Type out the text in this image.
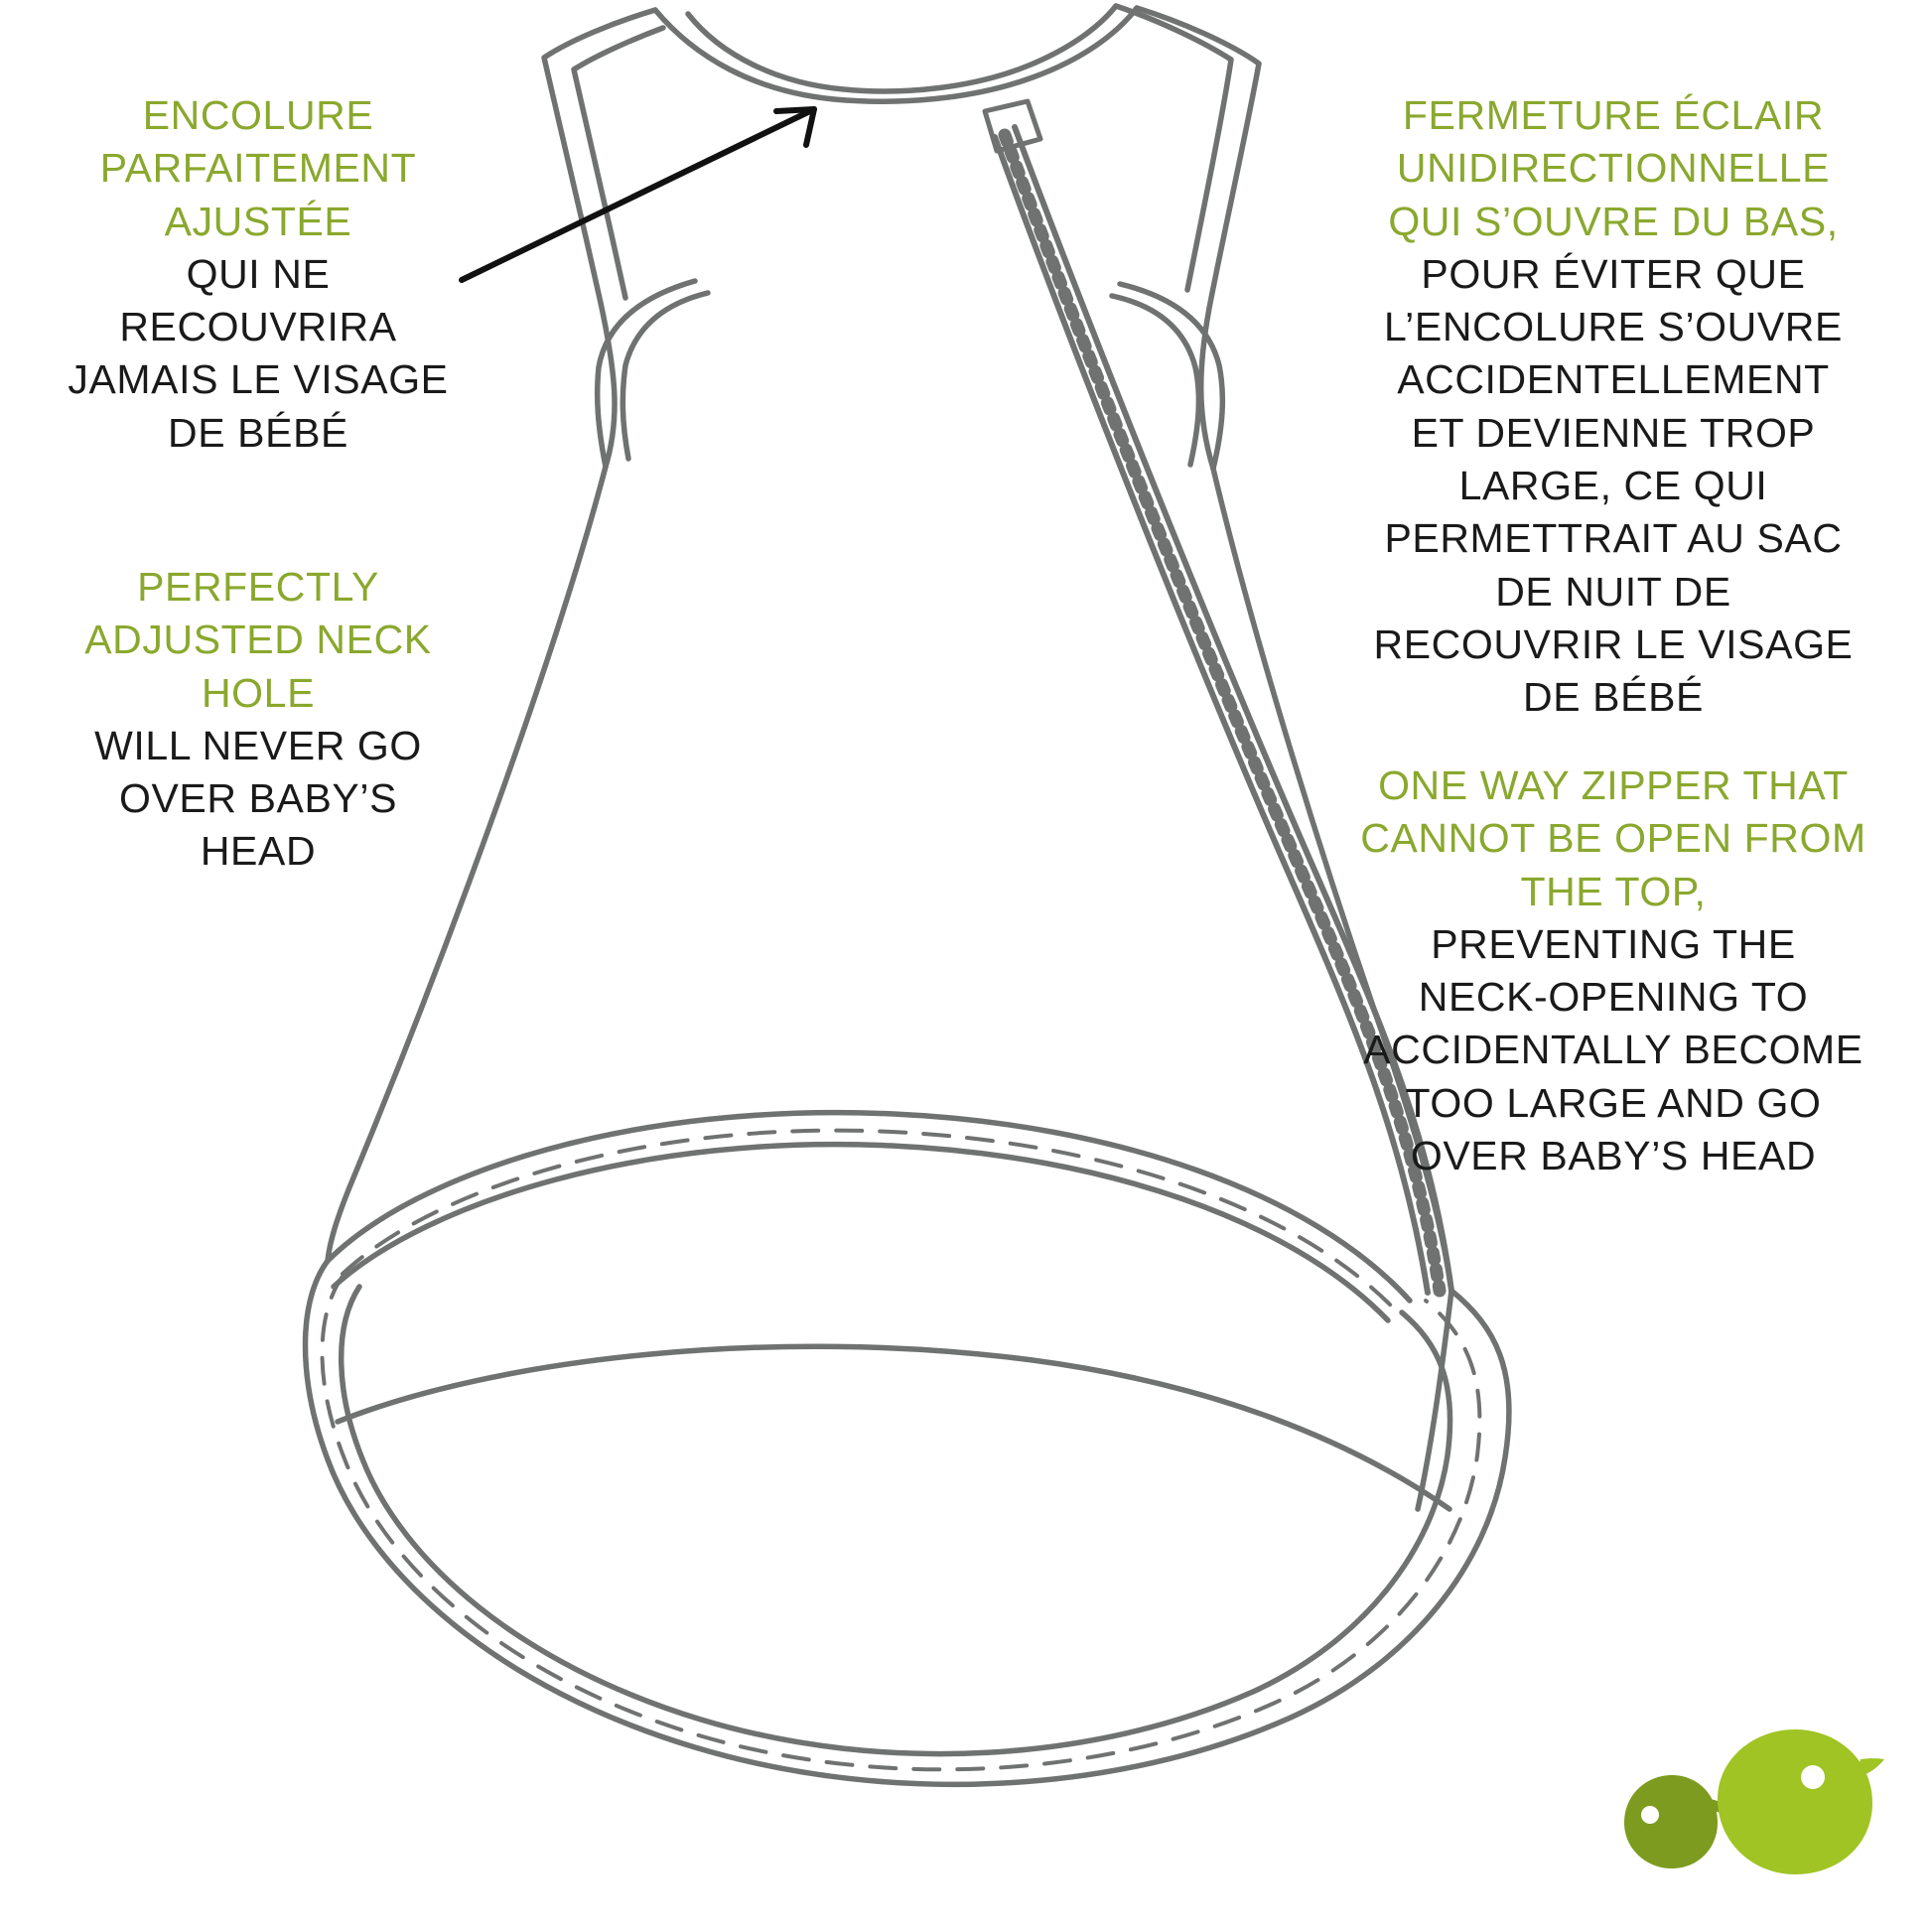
ENCOLURE PARFAITEMENT AJUSTÉE
QUI NE RECOUVRIRA JAMAIS LE VISAGE DE BÉBÉ
PERFECTLY ADJUSTED NECK HOLE
WILL NEVER GO OVER BABY’S HEAD
FERMETURE ÉCLAIR UNIDIRECTIONNELLE QUI S’OUVRE DU BAS,
POUR ÉVITER QUE L’ENCOLURE S’OUVRE ACCIDENTELLEMENT ET DEVIENNE TROP LARGE, CE QUI PERMETTRAIT AU SAC DE NUIT DE RECOUVRIR LE VISAGE DE BÉBÉ
ONE WAY ZIPPER THAT CANNOT BE OPEN FROM THE TOP,
PREVENTING THE NECK-OPENING TO ACCIDENTALLY BECOME TOO LARGE AND GO OVER BABY’S HEAD
